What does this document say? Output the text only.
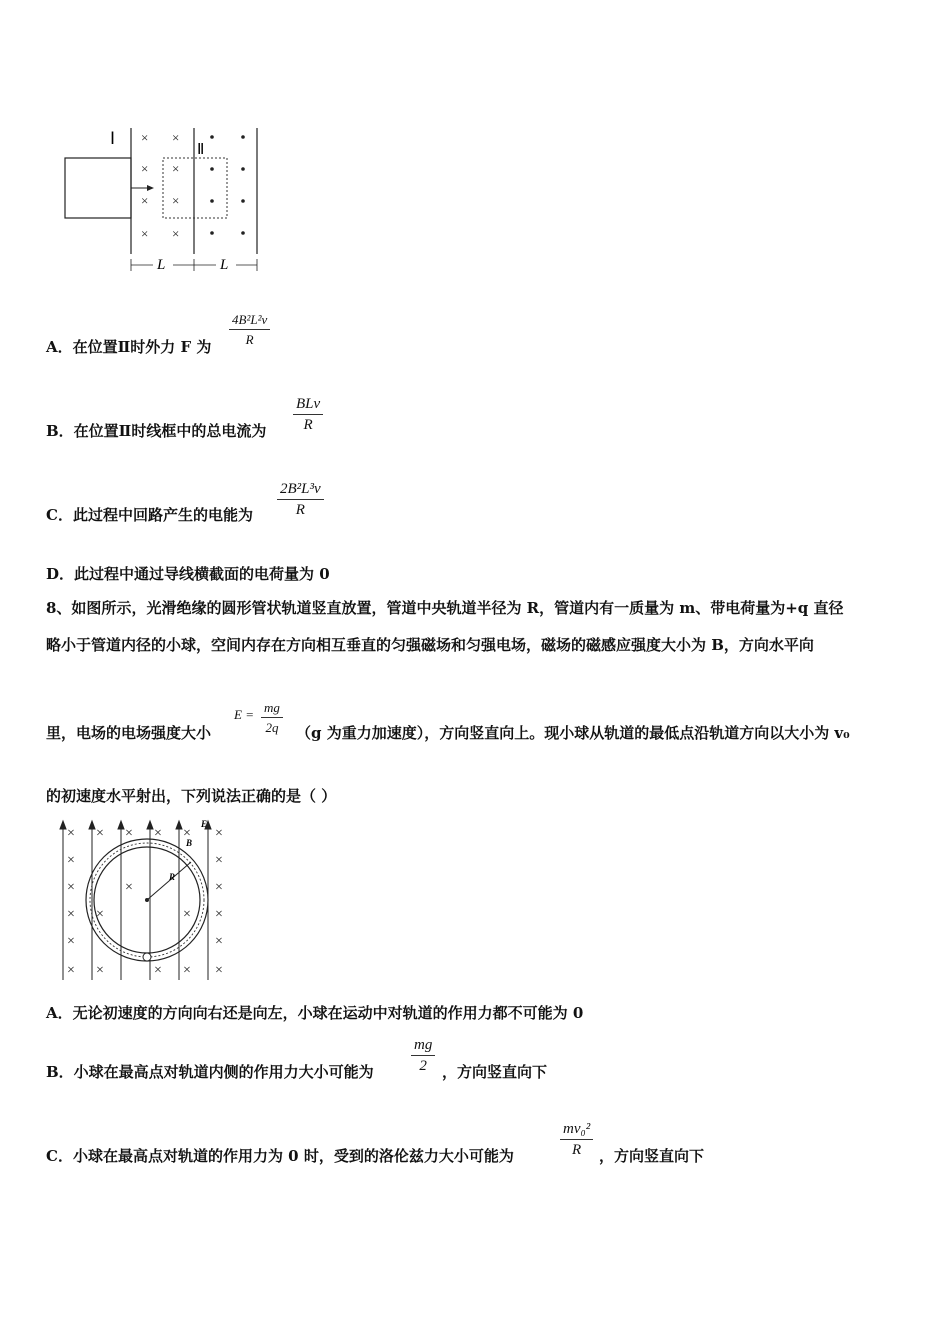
× ×
× ×
× ×
× ×
Ⅰ
Ⅱ
L	L
A．在位置Ⅱ时外力 F 为 $\frac{\text{4B²L²v}}{R}$
B．在位置Ⅱ时线框中的总电流为
BLv
R
C．此过程中回路产生的电能为 $\frac{\text{2B²L³v}}{R}$
D．此过程中通过导线横截面的电荷量为 0
8、如图所示，光滑绝缘的圆形管状轨道竖直放置，管道中央轨道半径为 R，管道内有一质量为 m、带电荷量为+q 直径
略小于管道内径的小球，空间内存在方向相互垂直的匀强磁场和匀强电场，磁场的磁感应强度大小为 B，方向水平向
里，电场的电场强度大小
$E = \frac{mg}{2q} (g$ 为重力加速度），方向竖直向上。现小球从轨道的最低点沿轨道方向以大小为 v₀
的初速度水平射出，下列说法正确的是（ ）
× × × × × ×
×	×
×	×
×	×
×	×
× ×	× × ×
×
×	×
E
B
R
A．无论初速度的方向向右还是向左，小球在运动中对轨道的作用力都不可能为 0
B．小球在最高点对轨道内侧的作用力大小可能为 $\frac{mg}{2}$ ，方向竖直向下
C．小球在最高点对轨道的作用力为 0 时，受到的洛伦兹力大小可能为	$\frac{\text{mv₀²}}{R}$ ，方向竖直向下
